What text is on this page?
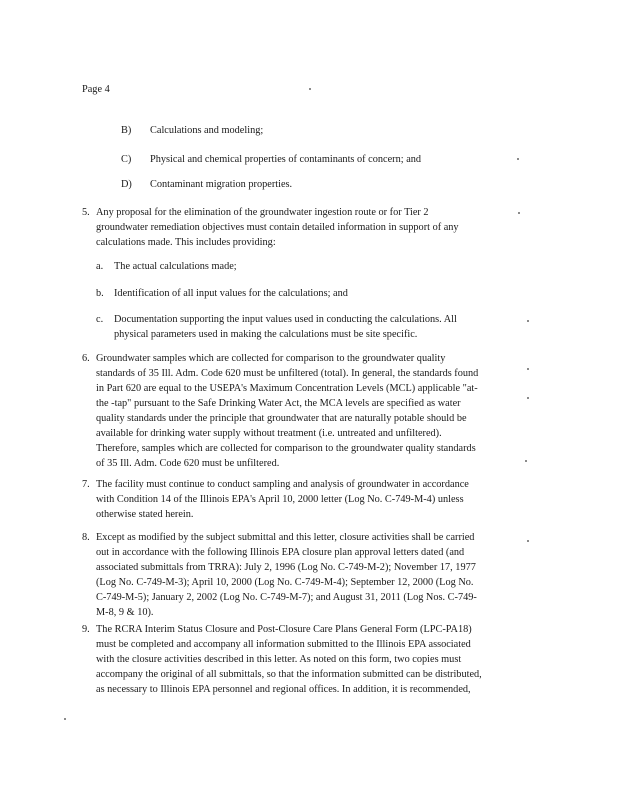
Page 4
B) Calculations and modeling;
C) Physical and chemical properties of contaminants of concern; and
D) Contaminant migration properties.
5. Any proposal for the elimination of the groundwater ingestion route or for Tier 2
groundwater remediation objectives must contain detailed information in support of any
calculations made. This includes providing:
a. The actual calculations made;
b. Identification of all input values for the calculations; and
c. Documentation supporting the input values used in conducting the calculations. All
physical parameters used in making the calculations must be site specific.
6. Groundwater samples which are collected for comparison to the groundwater quality
standards of 35 Ill. Adm. Code 620 must be unfiltered (total). In general, the standards found
in Part 620 are equal to the USEPA's Maximum Concentration Levels (MCL) applicable "at-
the -tap" pursuant to the Safe Drinking Water Act, the MCA levels are specified as water
quality standards under the principle that groundwater that are naturally potable should be
available for drinking water supply without treatment (i.e. untreated and unfiltered).
Therefore, samples which are collected for comparison to the groundwater quality standards
of 35 Ill. Adm. Code 620 must be unfiltered.
7. The facility must continue to conduct sampling and analysis of groundwater in accordance
with Condition 14 of the Illinois EPA's April 10, 2000 letter (Log No. C-749-M-4) unless
otherwise stated herein.
8. Except as modified by the subject submittal and this letter, closure activities shall be carried
out in accordance with the following Illinois EPA closure plan approval letters dated (and
associated submittals from TRRA): July 2, 1996 (Log No. C-749-M-2); November 17, 1977
(Log No. C-749-M-3); April 10, 2000 (Log No. C-749-M-4); September 12, 2000 (Log No.
C-749-M-5); January 2, 2002 (Log No. C-749-M-7); and August 31, 2011 (Log Nos. C-749-
M-8, 9 & 10).
9. The RCRA Interim Status Closure and Post-Closure Care Plans General Form (LPC-PA18)
must be completed and accompany all information submitted to the Illinois EPA associated
with the closure activities described in this letter. As noted on this form, two copies must
accompany the original of all submittals, so that the information submitted can be distributed,
as necessary to Illinois EPA personnel and regional offices. In addition, it is recommended,
